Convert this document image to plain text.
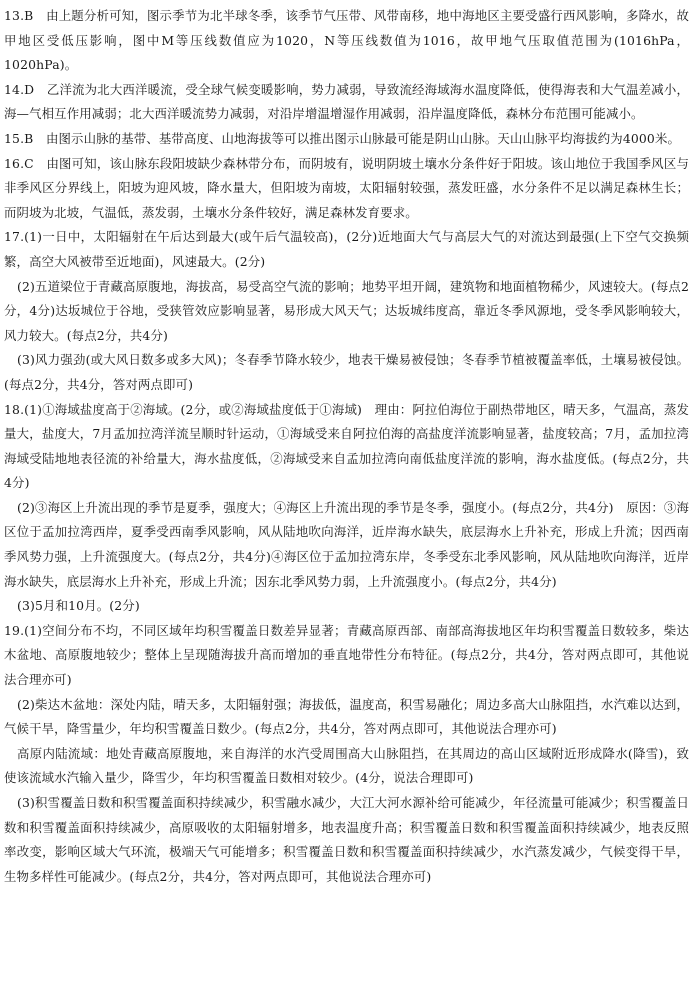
13.B　由上题分析可知，图示季节为北半球冬季，该季节气压带、风带南移，地中海地区主要受盛行西风影响，多降水，故甲地区受低压影响，图中M等压线数值应为1020，N等压线数值为1016，故甲地气压取值范围为(1016hPa，1020hPa)。
14.D　乙洋流为北大西洋暖流，受全球气候变暖影响，势力减弱，导致流经海域海水温度降低，使得海表和大气温差减小，海—气相互作用减弱；北大西洋暖流势力减弱，对沿岸增温增湿作用减弱，沿岸温度降低，森林分布范围可能减小。
15.B　由图示山脉的基带、基带高度、山地海拔等可以推出图示山脉最可能是阴山山脉。天山山脉平均海拔约为4000米。
16.C　由图可知，该山脉东段阳坡缺少森林带分布，而阴坡有，说明阴坡土壤水分条件好于阳坡。该山地位于我国季风区与非季风区分界线上，阳坡为迎风坡，降水量大，但阳坡为南坡，太阳辐射较强，蒸发旺盛，水分条件不足以满足森林生长；而阴坡为北坡，气温低，蒸发弱，土壤水分条件较好，满足森林发育要求。
17.(1)一日中，太阳辐射在午后达到最大(或午后气温较高)，(2分)近地面大气与高层大气的对流达到最强(上下空气交换频繁，高空大风被带至近地面)，风速最大。(2分)
(2)五道梁位于青藏高原腹地，海拔高，易受高空气流的影响；地势平坦开阔，建筑物和地面植物稀少，风速较大。(每点2分，4分)达坂城位于谷地，受狭管效应影响显著，易形成大风天气；达坂城纬度高，靠近冬季风源地，受冬季风影响较大，风力较大。(每点2分，共4分)
(3)风力强劲(或大风日数多或多大风)；冬春季节降水较少，地表干燥易被侵蚀；冬春季节植被覆盖率低，土壤易被侵蚀。(每点2分，共4分，答对两点即可)
18.(1)①海域盐度高于②海域。(2分，或②海域盐度低于①海域)　理由：阿拉伯海位于副热带地区，晴天多，气温高，蒸发量大，盐度大，7月孟加拉湾洋流呈顺时针运动，①海域受来自阿拉伯海的高盐度洋流影响显著，盐度较高；7月，孟加拉湾海域受陆地地表径流的补给量大，海水盐度低，②海域受来自孟加拉湾向南低盐度洋流的影响，海水盐度低。(每点2分，共4分)
(2)③海区上升流出现的季节是夏季，强度大；④海区上升流出现的季节是冬季，强度小。(每点2分，共4分)　原因：③海区位于孟加拉湾西岸，夏季受西南季风影响，风从陆地吹向海洋，近岸海水缺失，底层海水上升补充，形成上升流；因西南季风势力强，上升流强度大。(每点2分，共4分)④海区位于孟加拉湾东岸，冬季受东北季风影响，风从陆地吹向海洋，近岸海水缺失，底层海水上升补充，形成上升流；因东北季风势力弱，上升流强度小。(每点2分，共4分)
(3)5月和10月。(2分)
19.(1)空间分布不均，不同区域年均积雪覆盖日数差异显著；青藏高原西部、南部高海拔地区年均积雪覆盖日数较多，柴达木盆地、高原腹地较少；整体上呈现随海拔升高而增加的垂直地带性分布特征。(每点2分，共4分，答对两点即可，其他说法合理亦可)
(2)柴达木盆地：深处内陆，晴天多，太阳辐射强；海拔低，温度高，积雪易融化；周边多高大山脉阻挡，水汽难以达到，气候干旱，降雪量少，年均积雪覆盖日数少。(每点2分，共4分，答对两点即可，其他说法合理亦可)
高原内陆流域：地处青藏高原腹地，来自海洋的水汽受周围高大山脉阻挡，在其周边的高山区域附近形成降水(降雪)，致使该流域水汽输入量少，降雪少，年均积雪覆盖日数相对较少。(4分，说法合理即可)
(3)积雪覆盖日数和积雪覆盖面积持续减少，积雪融水减少，大江大河水源补给可能减少，年径流量可能减少；积雪覆盖日数和积雪覆盖面积持续减少，高原吸收的太阳辐射增多，地表温度升高；积雪覆盖日数和积雪覆盖面积持续减少，地表反照率改变，影响区域大气环流，极端天气可能增多；积雪覆盖日数和积雪覆盖面积持续减少，水汽蒸发减少，气候变得干旱，生物多样性可能减少。(每点2分，共4分，答对两点即可，其他说法合理亦可)
